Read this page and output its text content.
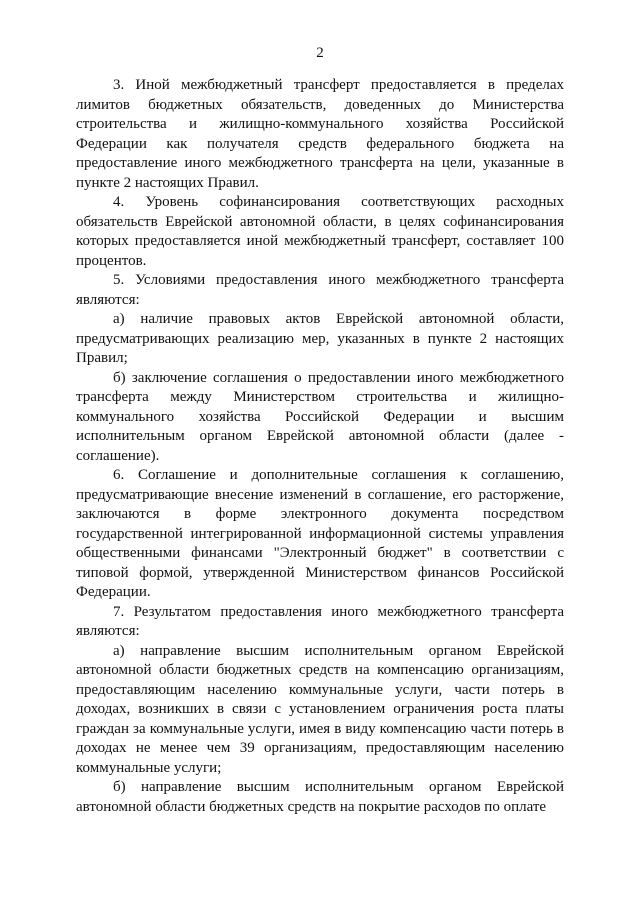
2

3. Иной межбюджетный трансферт предоставляется в пределах лимитов бюджетных обязательств, доведенных до Министерства строительства и жилищно-коммунального хозяйства Российской Федерации как получателя средств федерального бюджета на предоставление иного межбюджетного трансферта на цели, указанные в пункте 2 настоящих Правил.

4. Уровень софинансирования соответствующих расходных обязательств Еврейской автономной области, в целях софинансирования которых предоставляется иной межбюджетный трансферт, составляет 100 процентов.

5. Условиями предоставления иного межбюджетного трансферта являются:

а) наличие правовых актов Еврейской автономной области, предусматривающих реализацию мер, указанных в пункте 2 настоящих Правил;

б) заключение соглашения о предоставлении иного межбюджетного трансферта между Министерством строительства и жилищно-коммунального хозяйства Российской Федерации и высшим исполнительным органом Еврейской автономной области (далее - соглашение).

6. Соглашение и дополнительные соглашения к соглашению, предусматривающие внесение изменений в соглашение, его расторжение, заключаются в форме электронного документа посредством государственной интегрированной информационной системы управления общественными финансами "Электронный бюджет" в соответствии с типовой формой, утвержденной Министерством финансов Российской Федерации.

7. Результатом предоставления иного межбюджетного трансферта являются:

а) направление высшим исполнительным органом Еврейской автономной области бюджетных средств на компенсацию организациям, предоставляющим населению коммунальные услуги, части потерь в доходах, возникших в связи с установлением ограничения роста платы граждан за коммунальные услуги, имея в виду компенсацию части потерь в доходах не менее чем 39 организациям, предоставляющим населению коммунальные услуги;

б) направление высшим исполнительным органом Еврейской автономной области бюджетных средств на покрытие расходов по оплате
